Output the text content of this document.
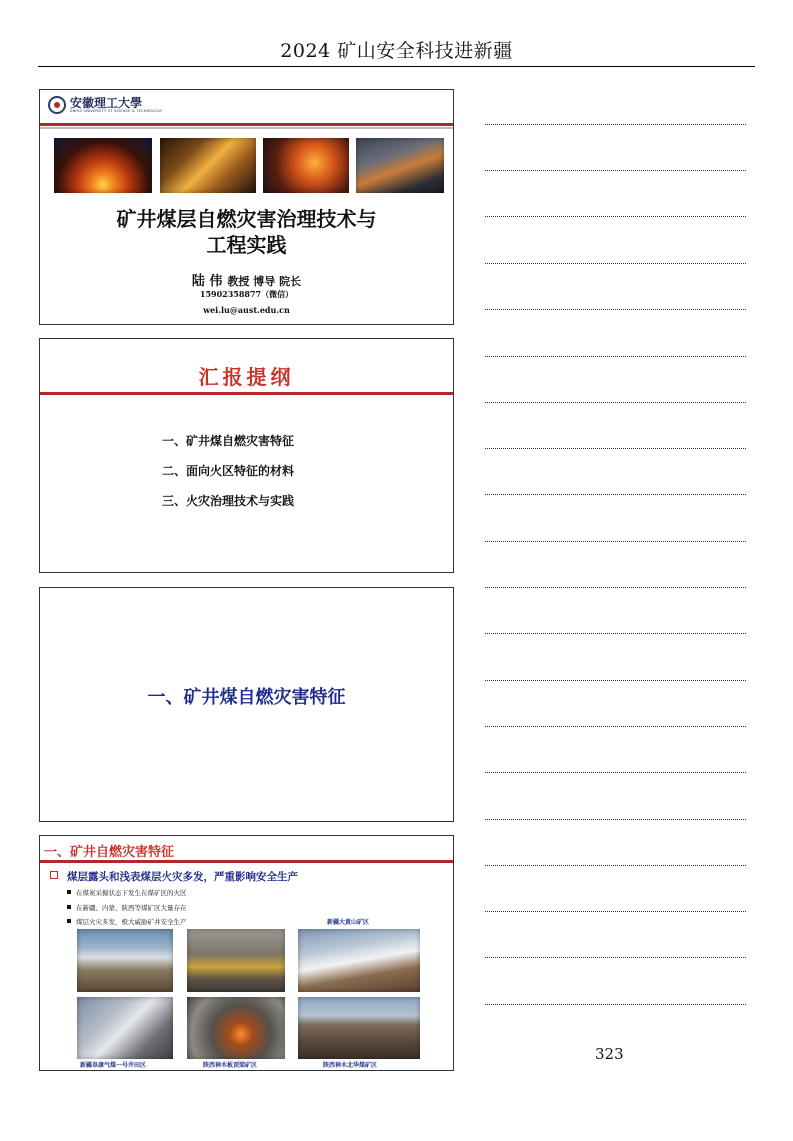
2024 矿山安全科技进新疆
安徽理工大學
ANHUI UNIVERSITY OF SCIENCE & TECHNOLOGY
矿井煤层自燃灾害治理技术与
工程实践
陆 伟 教授 博导 院长
15902358877（微信）
wei.lu@aust.edu.cn
汇报提纲
一、矿井煤自燃灾害特征
二、面向火区特征的材料
三、火灾治理技术与实践
一、矿井煤自燃灾害特征
一、矿井自燃灾害特征
煤层露头和浅表煤层火灾多发，严重影响安全生产
在煤炭采掘状态下发生在煤矿区的火区
在新疆、内蒙、陕西等煤矿区大量存在
煤层火灾多发，极大威胁矿井安全生产	新疆大黄山矿区
新疆阜康气煤一号井田区	陕西神木板顶梁矿区	陕西神木北华煤矿区
323
